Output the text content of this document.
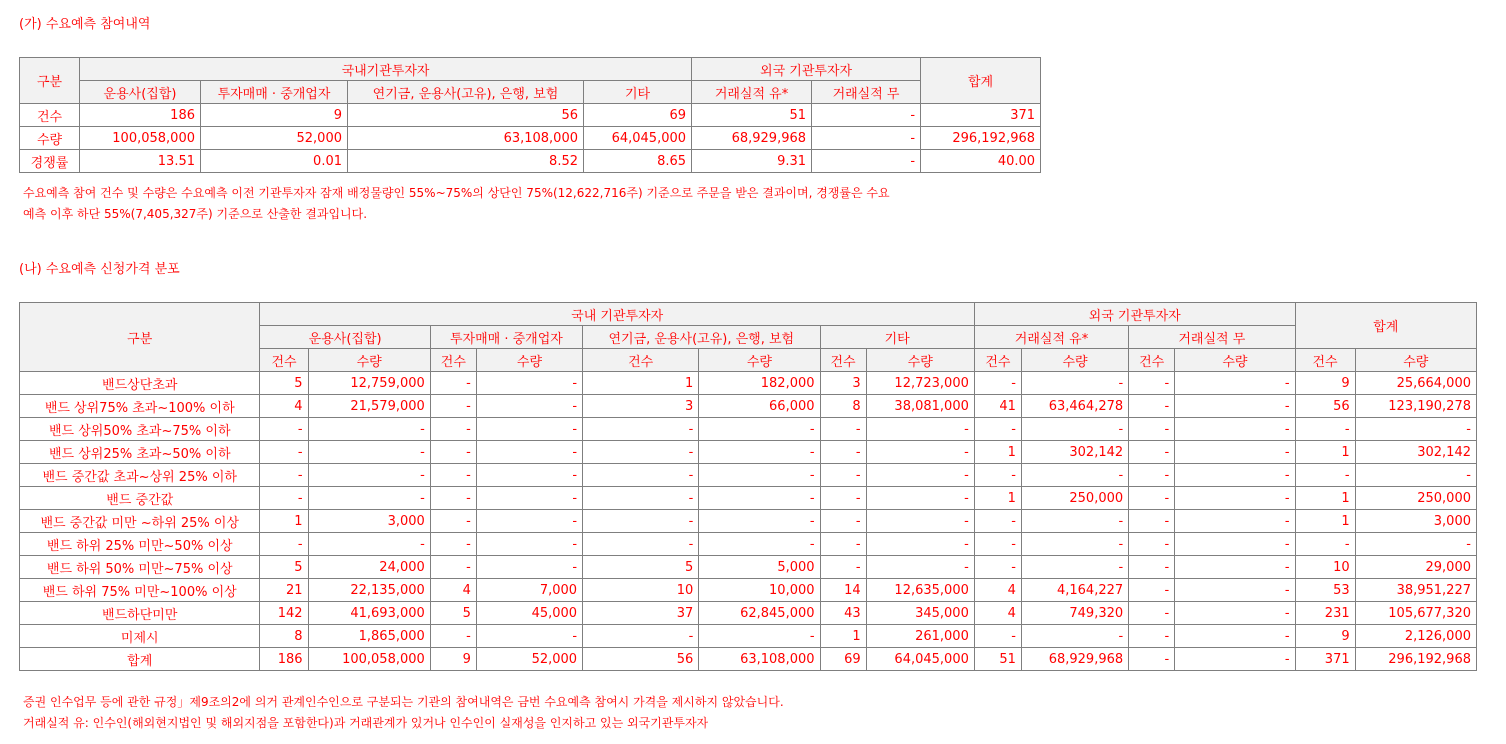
(가) 수요예측 참여내역
구분	국내기관투자자				외국 기관투자자		합계
	운용사(집합)	투자매매 · 중개업자	연기금, 운용사(고유), 은행, 보험	기타	거래실적 유*	거래실적 무	
건수	186	9	56	69	51	-	371
수량	100,058,000	52,000	63,108,000	64,045,000	68,929,968	-	296,192,968
경쟁률	13.51	0.01	8.52	8.65	9.31	-	40.00
수요예측 참여 건수 및 수량은 수요예측 이전 기관투자자 잠재 배정물량인 55%~75%의 상단인 75%(12,622,716주) 기준으로 주문을 받은 결과이며, 경쟁률은 수요
예측 이후 하단 55%(7,405,327주) 기준으로 산출한 결과입니다.
(나) 수요예측 신청가격 분포
구분	국내 기관투자자								외국 기관투자자				합계	
	운용사(집합)		투자매매 · 중개업자		연기금, 운용사(고유), 은행, 보험		기타		거래실적 유*		거래실적 무			
	건수	수량	건수	수량	건수	수량	건수	수량	건수	수량	건수	수량	건수	수량
밴드상단초과	5	12,759,000	-	-	1	182,000	3	12,723,000	-	-	-	-	9	25,664,000
밴드 상위75% 초과~100% 이하	4	21,579,000	-	-	3	66,000	8	38,081,000	41	63,464,278	-	-	56	123,190,278
밴드 상위50% 초과~75% 이하	-	-	-	-	-	-	-	-	-	-	-	-	-	-
밴드 상위25% 초과~50% 이하	-	-	-	-	-	-	-	-	1	302,142	-	-	1	302,142
밴드 중간값 초과~상위 25% 이하	-	-	-	-	-	-	-	-	-	-	-	-	-	-
밴드 중간값	-	-	-	-	-	-	-	-	1	250,000	-	-	1	250,000
밴드 중간값 미만 ~하위 25% 이상	1	3,000	-	-	-	-	-	-	-	-	-	-	1	3,000
밴드 하위 25% 미만~50% 이상	-	-	-	-	-	-	-	-	-	-	-	-	-	-
밴드 하위 50% 미만~75% 이상	5	24,000	-	-	5	5,000	-	-	-	-	-	-	10	29,000
밴드 하위 75% 미만~100% 이상	21	22,135,000	4	7,000	10	10,000	14	12,635,000	4	4,164,227	-	-	53	38,951,227
밴드하단미만	142	41,693,000	5	45,000	37	62,845,000	43	345,000	4	749,320	-	-	231	105,677,320
미제시	8	1,865,000	-	-	-	-	1	261,000	-	-	-	-	9	2,126,000
합계	186	100,058,000	9	52,000	56	63,108,000	69	64,045,000	51	68,929,968	-	-	371	296,192,968
증권 인수업무 등에 관한 규정」제9조의2에 의거 관계인수인으로 구분되는 기관의 참여내역은 금번 수요예측 참여시 가격을 제시하지 않았습니다.
거래실적 유: 인수인(해외현지법인 및 해외지점을 포함한다)과 거래관계가 있거나 인수인이 실재성을 인지하고 있는 외국기관투자자
